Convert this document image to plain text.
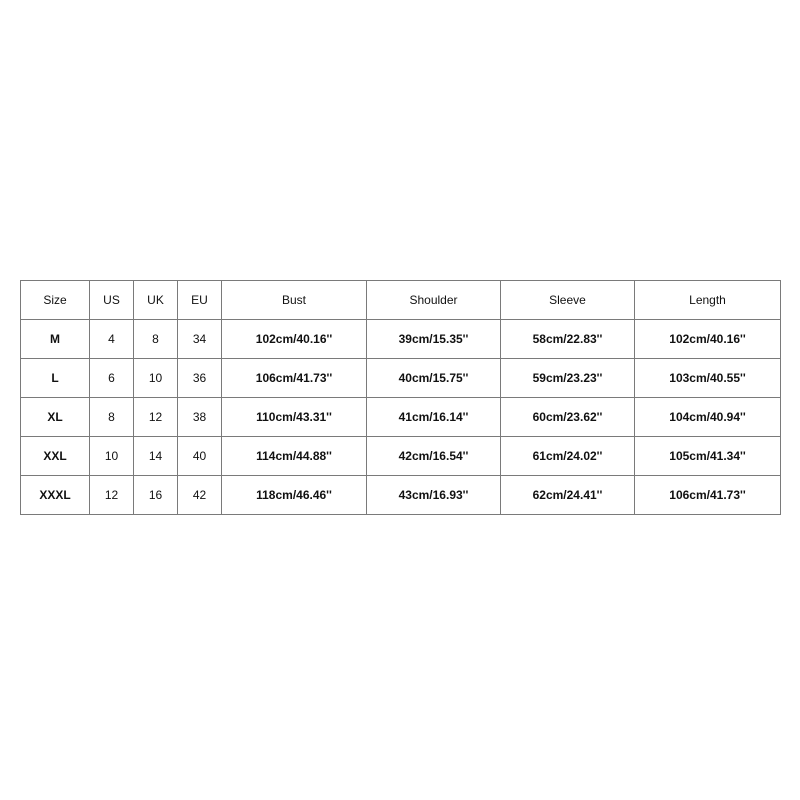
Size	US	UK	EU	Bust	Shoulder	Sleeve	Length
M	4	8	34	102cm/40.16''	39cm/15.35''	58cm/22.83''	102cm/40.16''
L	6	10	36	106cm/41.73''	40cm/15.75''	59cm/23.23''	103cm/40.55''
XL	8	12	38	110cm/43.31''	41cm/16.14''	60cm/23.62''	104cm/40.94''
XXL	10	14	40	114cm/44.88''	42cm/16.54''	61cm/24.02''	105cm/41.34''
XXXL	12	16	42	118cm/46.46''	43cm/16.93''	62cm/24.41''	106cm/41.73''
